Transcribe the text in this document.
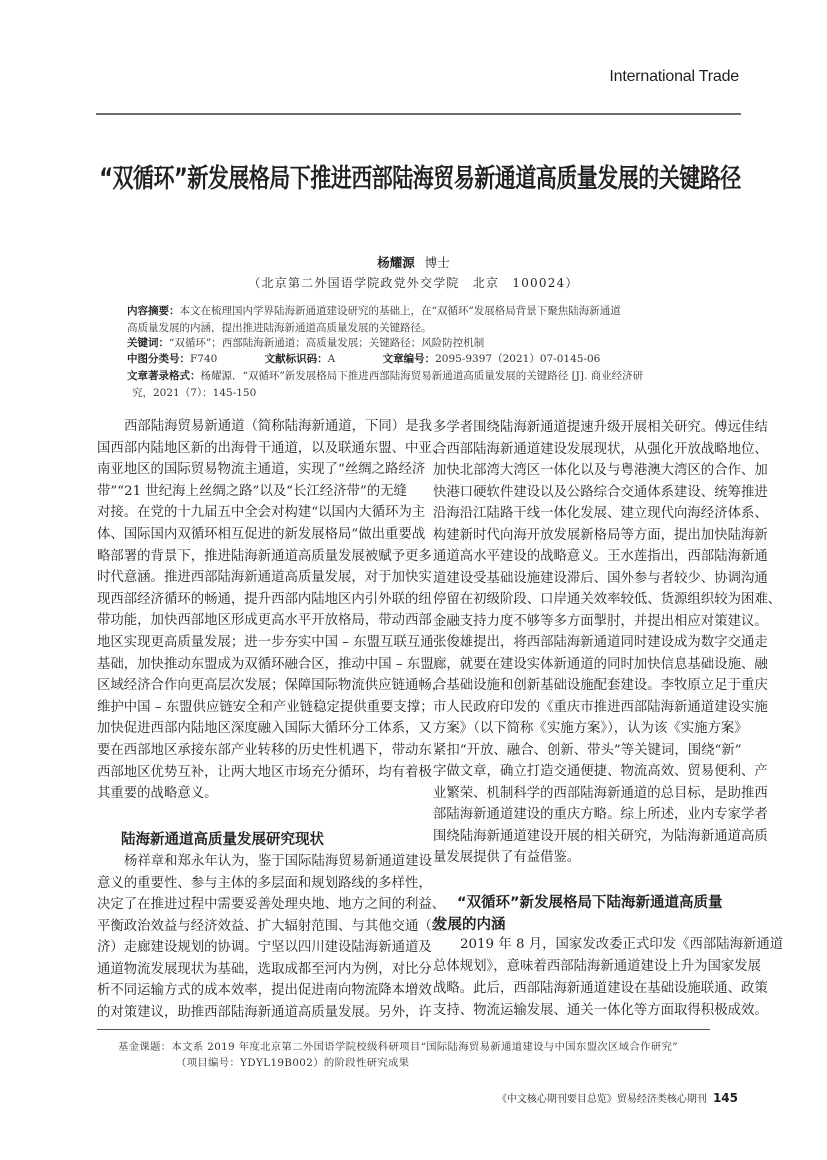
International Trade
“双循环”新发展格局下推进西部陆海贸易新通道高质量发展的关键路径
杨耀源 博士
（北京第二外国语学院政党外交学院　北京　100024）
内容摘要：本文在梳理国内学界陆海新通道建设研究的基础上，在“双循环”发展格局背景下聚焦陆海新通道
高质量发展的内涵，提出推进陆海新通道高质量发展的关键路径。
关键词：“双循环”；西部陆海新通道；高质量发展；关键路径；风险防控机制
中图分类号：F740	文献标识码：A	文章编号：2095-9397（2021）07-0145-06
文章著录格式：杨耀源．“双循环”新发展格局下推进西部陆海贸易新通道高质量发展的关键路径 [J]. 商业经济研
究，2021（7）：145-150
西部陆海贸易新通道（简称陆海新通道，下同）是我
国西部内陆地区新的出海骨干通道，以及联通东盟、中亚、
南亚地区的国际贸易物流主通道，实现了“丝绸之路经济
带”“21 世纪海上丝绸之路”以及“长江经济带”的无缝
对接。在党的十九届五中全会对构建“以国内大循环为主
体、国际国内双循环相互促进的新发展格局”做出重要战
略部署的背景下，推进陆海新通道高质量发展被赋予更多
时代意涵。推进西部陆海新通道高质量发展，对于加快实
现西部经济循环的畅通，提升西部内陆地区内引外联的纽
带功能，加快西部地区形成更高水平开放格局，带动西部
地区实现更高质量发展；进一步夯实中国 – 东盟互联互通
基础，加快推动东盟成为双循环融合区，推动中国 – 东盟
区域经济合作向更高层次发展；保障国际物流供应链通畅，
维护中国 – 东盟供应链安全和产业链稳定提供重要支撑；
加快促进西部内陆地区深度融入国际大循环分工体系，又
要在西部地区承接东部产业转移的历史性机遇下，带动东
西部地区优势互补，让两大地区市场充分循环，均有着极
其重要的战略意义。
杨祥章和郑永年认为，鉴于国际陆海贸易新通道建设
意义的重要性、参与主体的多层面和规划路线的多样性，
决定了在推进过程中需要妥善处理央地、地方之间的利益、
平衡政治效益与经济效益、扩大辐射范围、与其他交通（经
济）走廊建设规划的协调。宁坚以四川建设陆海新通道及
通道物流发展现状为基础，选取成都至河内为例，对比分
析不同运输方式的成本效率，提出促进南向物流降本增效
的对策建议，助推西部陆海新通道高质量发展。另外，许
多学者围绕陆海新通道提速升级开展相关研究。傅远佳结
合西部陆海新通道建设发展现状，从强化开放战略地位、
加快北部湾大湾区一体化以及与粤港澳大湾区的合作、加
快港口硬软件建设以及公路综合交通体系建设、统筹推进
沿海沿江陆路干线一体化发展、建立现代向海经济体系、
构建新时代向海开放发展新格局等方面，提出加快陆海新
通道高水平建设的战略意义。王水莲指出，西部陆海新通
道建设受基础设施建设滞后、国外参与者较少、协调沟通
停留在初级阶段、口岸通关效率较低、货源组织较为困难、
金融支持力度不够等多方面掣肘，并提出相应对策建议。
张俊雄提出，将西部陆海新通道同时建设成为数字交通走
廊，就要在建设实体新通道的同时加快信息基础设施、融
合基础设施和创新基础设施配套建设。李牧原立足于重庆
市人民政府印发的《重庆市推进西部陆海新通道建设实施
方案》（以下简称《实施方案》），认为该《实施方案》
紧扣“开放、融合、创新、带头”等关键词，围绕“新”
字做文章，确立打造交通便捷、物流高效、贸易便利、产
业繁荣、机制科学的西部陆海新通道的总目标，是助推西
部陆海新通道建设的重庆方略。综上所述，业内专家学者
围绕陆海新通道建设开展的相关研究，为陆海新通道高质
量发展提供了有益借鉴。
2019 年 8 月，国家发改委正式印发《西部陆海新通道
总体规划》，意味着西部陆海新通道建设上升为国家发展
战略。此后，西部陆海新通道建设在基础设施联通、政策
支持、物流运输发展、通关一体化等方面取得积极成效。
陆海新通道高质量发展研究现状
“双循环”新发展格局下陆海新通道高质量
发展的内涵
基金课题：本文系 2019 年度北京第二外国语学院校级科研项目“国际陆海贸易新通道建设与中国东盟次区域合作研究”
（项目编号：YDYL19B002）的阶段性研究成果
《中文核心期刊要目总览》贸易经济类核心期刊 145
